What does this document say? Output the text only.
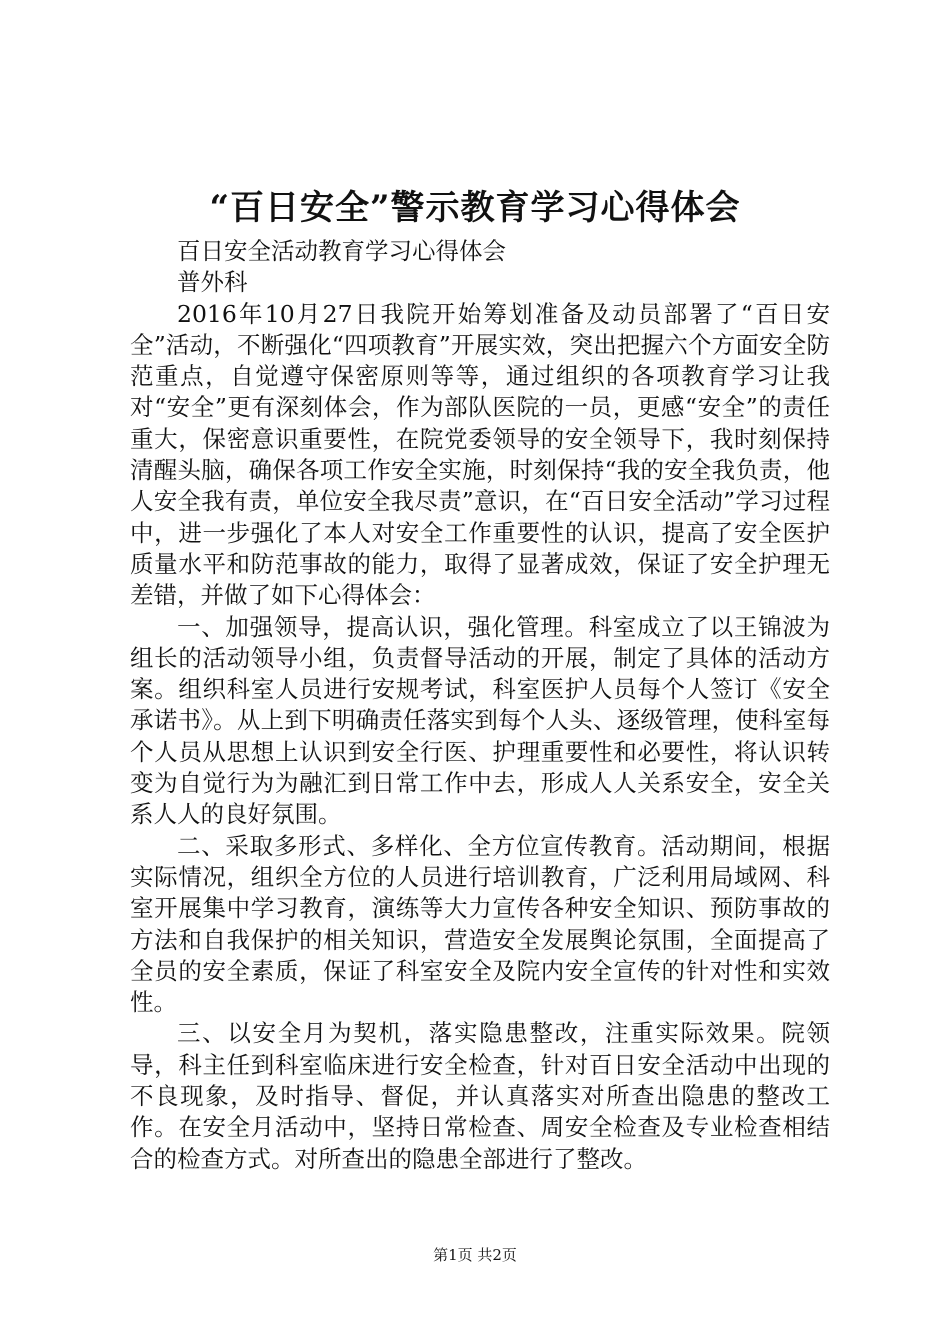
“百日安全”警示教育学习心得体会

百日安全活动教育学习心得体会

普外科

2016年10月27日我院开始筹划准备及动员部署了“百日安全”活动，不断强化“四项教育”开展实效，突出把握六个方面安全防范重点，自觉遵守保密原则等等，通过组织的各项教育学习让我对“安全”更有深刻体会，作为部队医院的一员，更感“安全”的责任重大，保密意识重要性，在院党委领导的安全领导下，我时刻保持清醒头脑，确保各项工作安全实施，时刻保持“我的安全我负责，他人安全我有责，单位安全我尽责”意识，在“百日安全活动”学习过程中，进一步强化了本人对安全工作重要性的认识，提高了安全医护质量水平和防范事故的能力，取得了显著成效，保证了安全护理无差错，并做了如下心得体会：

一、加强领导，提高认识，强化管理。科室成立了以王锦波为组长的活动领导小组，负责督导活动的开展，制定了具体的活动方案。组织科室人员进行安规考试，科室医护人员每个人签订《安全承诺书》。从上到下明确责任落实到每个人头、逐级管理，使科室每个人员从思想上认识到安全行医、护理重要性和必要性，将认识转变为自觉行为为融汇到日常工作中去，形成人人关系安全，安全关系人人的良好氛围。

二、采取多形式、多样化、全方位宣传教育。活动期间，根据实际情况，组织全方位的人员进行培训教育，广泛利用局域网、科室开展集中学习教育，演练等大力宣传各种安全知识、预防事故的方法和自我保护的相关知识，营造安全发展舆论氛围，全面提高了全员的安全素质，保证了科室安全及院内安全宣传的针对性和实效性。

三、以安全月为契机，落实隐患整改，注重实际效果。院领导，科主任到科室临床进行安全检查，针对百日安全活动中出现的不良现象，及时指导、督促，并认真落实对所查出隐患的整改工作。在安全月活动中，坚持日常检查、周安全检查及专业检查相结合的检查方式。对所查出的隐患全部进行了整改。

第1页 共2页
